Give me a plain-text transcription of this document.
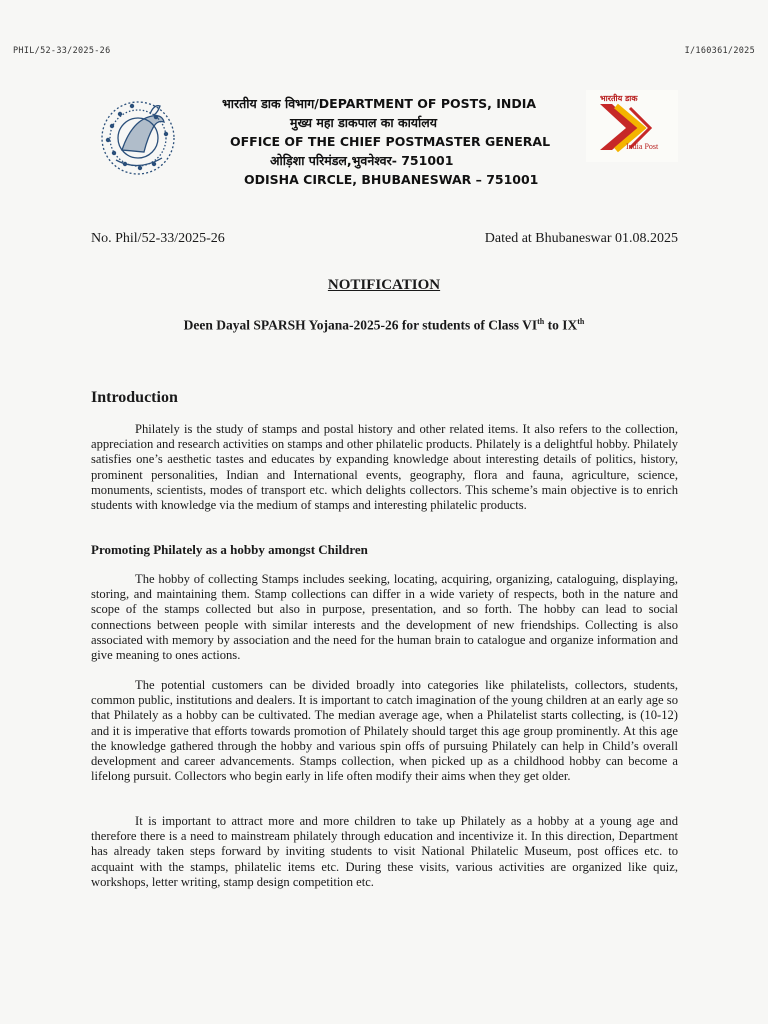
PHIL/52-33/2025-26	I/160361/2025
भारतीय डाक विभाग/DEPARTMENT OF POSTS, INDIA
मुख्य महा डाकपाल का कार्यालय
OFFICE OF THE CHIEF POSTMASTER GENERAL
ओड़िशा परिमंडल,भुवनेश्वर- 751001
ODISHA CIRCLE, BHUBANESWAR – 751001
भारतीय डाक
India Post
No. Phil/52-33/2025-26	Dated at Bhubaneswar 01.08.2025
NOTIFICATION
Deen Dayal SPARSH Yojana-2025-26 for students of Class VIth to IXth
Introduction
Philately is the study of stamps and postal history and other related items. It also refers to the collection, appreciation and research activities on stamps and other philatelic products. Philately is a delightful hobby. Philately satisfies one’s aesthetic tastes and educates by expanding knowledge about interesting details of politics, history, prominent personalities, Indian and International events, geography, flora and fauna, agriculture, science, monuments, scientists, modes of transport etc. which delights collectors. This scheme’s main objective is to enrich students with knowledge via the medium of stamps and interesting philatelic products.
Promoting Philately as a hobby amongst Children
The hobby of collecting Stamps includes seeking, locating, acquiring, organizing, cataloguing, displaying, storing, and maintaining them. Stamp collections can differ in a wide variety of respects, both in the nature and scope of the stamps collected but also in purpose, presentation, and so forth. The hobby can lead to social connections between people with similar interests and the development of new friendships. Collecting is also associated with memory by association and the need for the human brain to catalogue and organize information and give meaning to ones actions.
The potential customers can be divided broadly into categories like philatelists, collectors, students, common public, institutions and dealers. It is important to catch imagination of the young children at an early age so that Philately as a hobby can be cultivated. The median average age, when a Philatelist starts collecting, is (10-12) and it is imperative that efforts towards promotion of Philately should target this age group prominently. At this age the knowledge gathered through the hobby and various spin offs of pursuing Philately can help in Child’s overall development and career advancements. Stamps collection, when picked up as a childhood hobby can become a lifelong pursuit. Collectors who begin early in life often modify their aims when they get older.
It is important to attract more and more children to take up Philately as a hobby at a young age and therefore there is a need to mainstream philately through education and incentivize it. In this direction, Department has already taken steps forward by inviting students to visit National Philatelic Museum, post offices etc. to acquaint with the stamps, philatelic items etc. During these visits, various activities are organized like quiz, workshops, letter writing, stamp design competition etc.
